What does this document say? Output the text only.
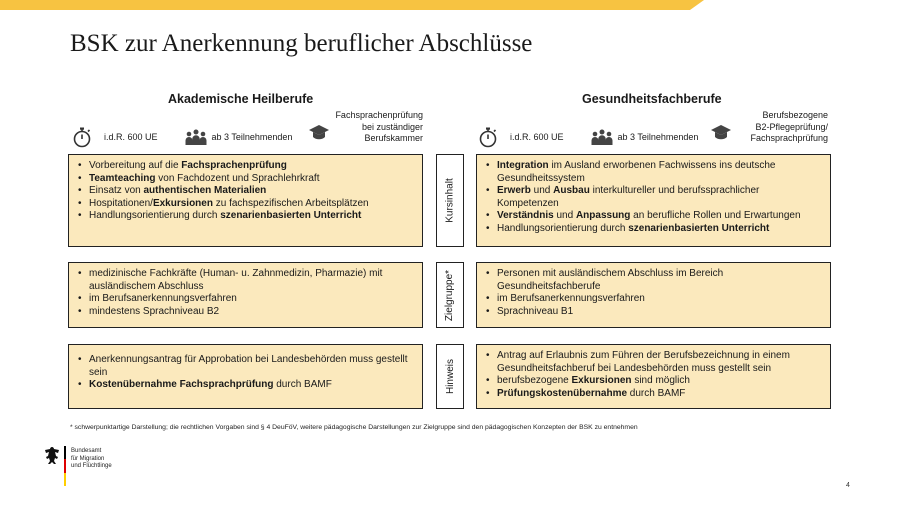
BSK zur Anerkennung beruflicher Abschlüsse
Akademische Heilberufe
i.d.R. 600 UE	ab 3 Teilnehmenden
Fachsprachenprüfung
bei zuständiger
Berufskammer
Gesundheitsfachberufe
i.d.R. 600 UE	ab 3 Teilnehmenden
Berufsbezogene
B2-Pflegeprüfung/
Fachsprachprüfung
• Vorbereitung auf die Fachsprachenprüfung
• Teamteaching von Fachdozent und Sprachlehrkraft
• Einsatz von authentischen Materialien
• Hospitationen/Exkursionen zu fachspezifischen Arbeitsplätzen
• Handlungsorientierung durch szenarienbasierten Unterricht	Kursinhalt
• Integration im Ausland erworbenen Fachwissens ins deutsche Gesundheitssystem
• Erwerb und Ausbau interkultureller und berufssprachlicher Kompetenzen
• Verständnis und Anpassung an berufliche Rollen und Erwartungen
• Handlungsorientierung durch szenarienbasierten Unterricht
• medizinische Fachkräfte (Human- u. Zahnmedizin, Pharmazie) mit ausländischem Abschluss
• im Berufsanerkennungsverfahren
• mindestens Sprachniveau B2	Zielgruppe*
•	Personen mit ausländischem Abschluss im Bereich Gesundheitsfachberufe
• im Berufsanerkennungsverfahren
• Sprachniveau B1
• Anerkennungsantrag für Approbation bei Landesbehörden muss gestellt sein
• Kostenübernahme Fachsprachprüfung durch BAMF	Hinweis
• Antrag auf Erlaubnis zum Führen der Berufsbezeichnung in einem Gesundheitsfachberuf bei Landesbehörden muss gestellt sein
• berufsbezogene Exkursionen sind möglich
• Prüfungskostenübernahme durch BAMF
* schwerpunktartige Darstellung; die rechtlichen Vorgaben sind § 4 DeuFöV, weitere pädagogische Darstellungen zur Zielgruppe sind den pädagogischen Konzepten der BSK zu entnehmen
Bundesamt
für Migration
und Flüchtlinge
4
